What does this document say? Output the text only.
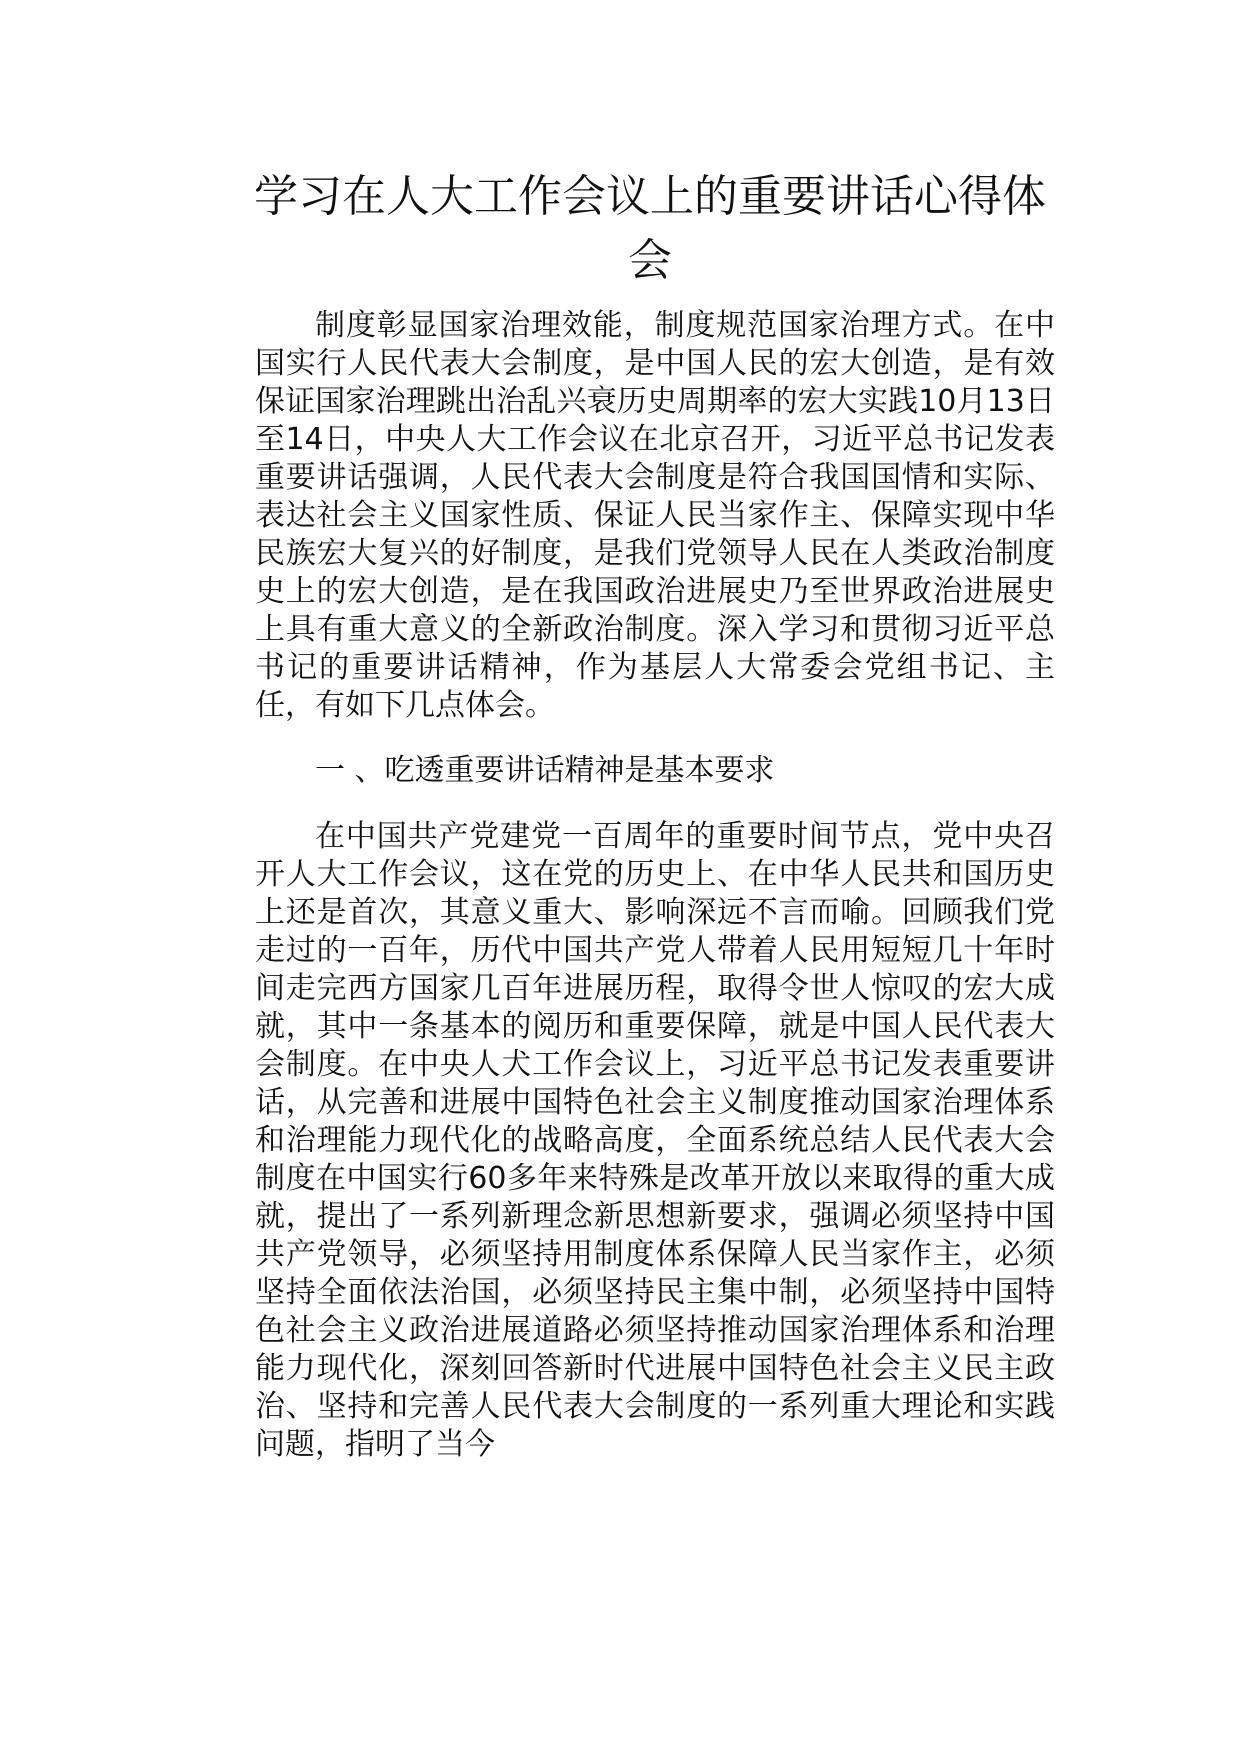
学习在人大工作会议上的重要讲话心得体会

制度彰显国家治理效能，制度规范国家治理方式。在中国实行人民代表大会制度，是中国人民的宏大创造，是有效保证国家治理跳出治乱兴衰历史周期率的宏大实践10月13日至14日，中央人大工作会议在北京召开，习近平总书记发表重要讲话强调，人民代表大会制度是符合我国国情和实际、表达社会主义国家性质、保证人民当家作主、保障实现中华民族宏大复兴的好制度，是我们党领导人民在人类政治制度史上的宏大创造，是在我国政治进展史乃至世界政治进展史上具有重大意义的全新政治制度。深入学习和贯彻习近平总书记的重要讲话精神，作为基层人大常委会党组书记、主任，有如下几点体会。

一 、吃透重要讲话精神是基本要求

在中国共产党建党一百周年的重要时间节点，党中央召开人大工作会议，这在党的历史上、在中华人民共和国历史上还是首次，其意义重大、影响深远不言而喻。回顾我们党走过的一百年，历代中国共产党人带着人民用短短几十年时间走完西方国家几百年进展历程，取得令世人惊叹的宏大成就，其中一条基本的阅历和重要保障，就是中国人民代表大会制度。在中央人犬工作会议上，习近平总书记发表重要讲话，从完善和进展中国特色社会主义制度推动国家治理体系和治理能力现代化的战略高度，全面系统总结人民代表大会制度在中国实行60多年来特殊是改革开放以来取得的重大成就，提出了一系列新理念新思想新要求，强调必须坚持中国共产党领导，必须坚持用制度体系保障人民当家作主，必须坚持全面依法治国，必须坚持民主集中制，必须坚持中国特色社会主义政治进展道路必须坚持推动国家治理体系和治理能力现代化，深刻回答新时代进展中国特色社会主义民主政治、坚持和完善人民代表大会制度的一系列重大理论和实践问题，指明了当今
